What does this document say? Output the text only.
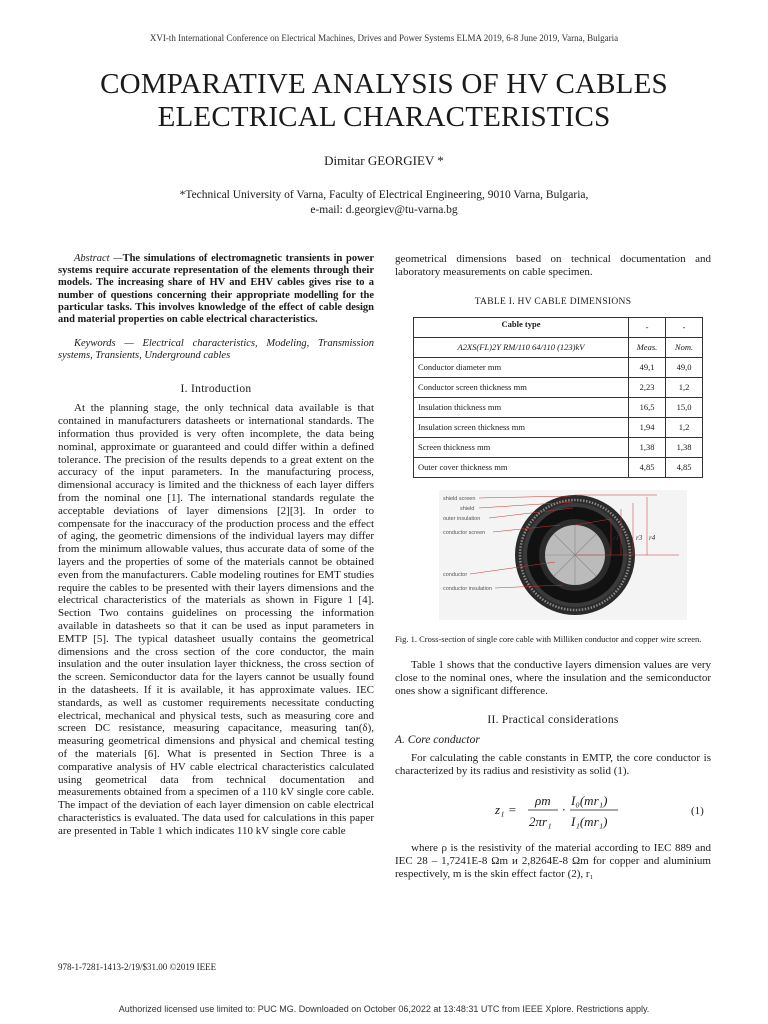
XVI-th International Conference on Electrical Machines, Drives and Power Systems ELMA 2019, 6-8 June 2019, Varna, Bulgaria
COMPARATIVE ANALYSIS OF HV CABLES
ELECTRICAL CHARACTERISTICS
Dimitar GEORGIEV *
*Technical University of Varna, Faculty of Electrical Engineering, 9010 Varna, Bulgaria,
e-mail: d.georgiev@tu-varna.bg

Abstract —The simulations of electromagnetic transients in power systems require accurate representation of the elements through their models. The increasing share of HV and EHV cables gives rise to a number of questions concerning their appropriate modelling for the particular tasks. This involves knowledge of the effect of cable design and material properties on cable electrical characteristics.

Keywords — Electrical characteristics, Modeling, Transmission systems, Transients, Underground cables

I. Introduction

At the planning stage, the only technical data available is that contained in manufacturers datasheets or international standards. The information thus provided is very often incomplete, the data being nominal, approximate or guaranteed and could differ within a defined tolerance. The precision of the results depends to a great extent on the accuracy of the input parameters. In the manufacturing process, dimensional accuracy is limited and the thickness of each layer differs from the nominal one [1]. The international standards regulate the acceptable deviations of layer dimensions [2][3]. In order to compensate for the inaccuracy of the production process and the effect of aging, the geometric dimensions of the individual layers may differ from the minimum allowable values, thus accurate data of some of the layers and the properties of some of the materials cannot be obtained even from the manufacturers. Cable modeling routines for EMT studies require the cables to be presented with their layers dimensions and the electrical characteristics of the materials as shown in Figure 1 [4]. Section Two contains guidelines on processing the information available in datasheets so that it can be used as input parameters in EMTP [5]. The typical datasheet usually contains the geometrical dimensions and the cross section of the core conductor, the main insulation and the outer insulation layer thickness, the cross section of the screen. Semiconductor data for the layers cannot be usually found in the datasheets. If it is available, it has approximate values. IEC standards, as well as customer requirements necessitate conducting electrical, mechanical and physical tests, such as measuring core and screen DC resistance, measuring capacitance, measuring tan(δ), measuring geometrical dimensions and physical and chemical testing of the materials [6]. What is presented in Section Three is a comparative analysis of HV cable electrical characteristics calculated using geometrical data from technical documentation and measurements obtained from a specimen of a 110 kV single core cable. The impact of the deviation of each layer dimension on cable electrical characteristics is evaluated. The data used for calculations in this paper are presented in Table 1 which indicates 110 kV single core cable

geometrical dimensions based on technical documentation and laboratory measurements on cable specimen.

TABLE I. HV CABLE DIMENSIONS
Cable type	-	-
A2XS(FL)2Y RM/110 64/110 (123)kV	Meas.	Nom.
Conductor diameter mm	49,1	49,0
Conductor screen thickness mm	2,23	1,2
Insulation thickness mm	16,5	15,0
Insulation screen thickness mm	1,94	1,2
Screen thickness mm	1,38	1,38
Outer cover thickness mm	4,85	4,85
shield screen
shield
outer insulation
conductor screen
conductor
conductor insulation
d
r1 r2 r3 r4

Fig. 1. Cross-section of single core cable with Milliken conductor and copper wire screen.

Table 1 shows that the conductive layers dimension values are very close to the nominal ones, where the insulation and the semiconductor ones show a significant difference.

II. Practical considerations
A. Core conductor

For calculating the cable constants in EMTP, the core conductor is characterized by its radius and resistivity as solid (1).

z₁ =
ρm
2πr₁
·
I₀(mr₁)
I₁(mr₁)
(1)

where ρ is the resistivity of the material according to IEC 889 and IEC 28 – 1,7241E-8 Ωm и 2,8264E-8 Ωm for copper and aluminium respectively, m is the skin effect factor (2), r₁

978-1-7281-1413-2/19/$31.00 ©2019 IEEE
Authorized licensed use limited to: PUC MG. Downloaded on October 06,2022 at 13:48:31 UTC from IEEE Xplore. Restrictions apply.
